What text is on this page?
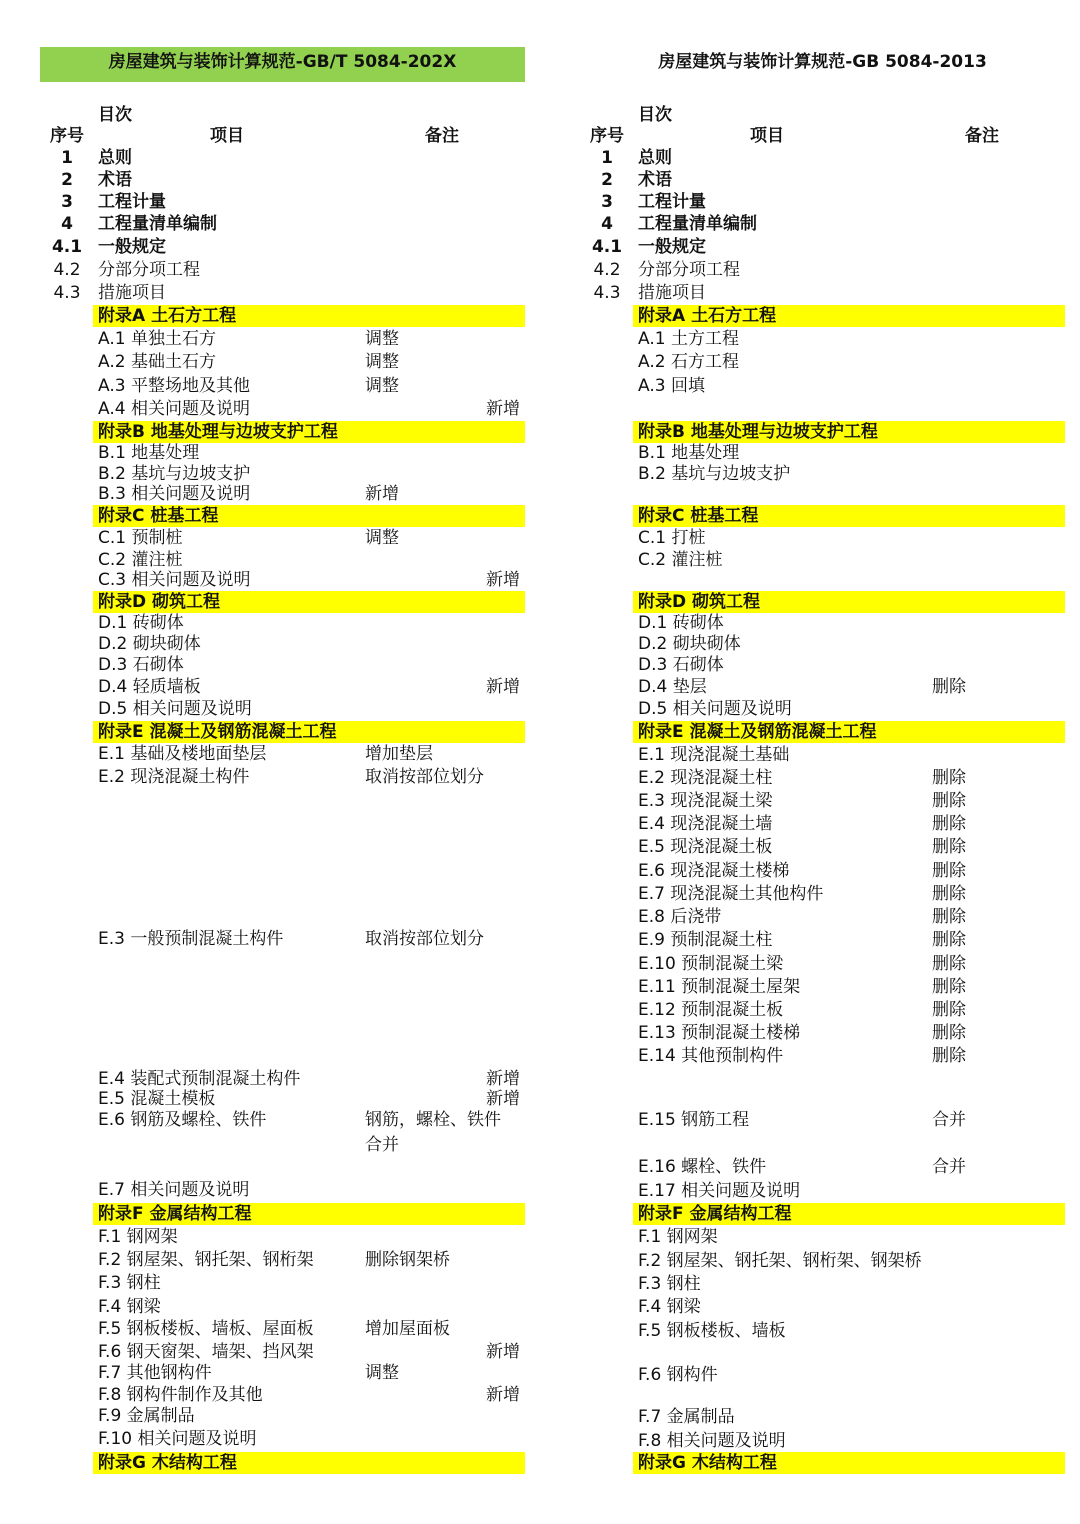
房屋建筑与装饰计算规范-GB/T 5084-202X
目次
序号	项目	备注
1	总则
2	术语
3	工程计量
4	工程量清单编制
4.1 一般规定
4.2	分部分项工程
4.3	措施项目
附录A 土石方工程
A.1 单独土石方	调整
A.2 基础土石方	调整
A.3 平整场地及其他	调整
A.4 相关问题及说明	新增
附录B 地基处理与边坡支护工程
B.1 地基处理
B.2 基坑与边坡支护
B.3 相关问题及说明	新增
附录C 桩基工程
C.1 预制桩	调整
C.2 灌注桩
C.3 相关问题及说明	新增
附录D 砌筑工程
D.1 砖砌体
D.2 砌块砌体
D.3 石砌体
D.4 轻质墙板	新增
D.5 相关问题及说明
附录E 混凝土及钢筋混凝土工程
E.1 基础及楼地面垫层	增加垫层
E.2 现浇混凝土构件	取消按部位划分
E.3 一般预制混凝土构件	取消按部位划分
E.4 装配式预制混凝土构件	新增
E.5 混凝土模板	新增
E.6 钢筋及螺栓、铁件	钢筋，螺栓、铁件
合并
E.7 相关问题及说明
附录F 金属结构工程
F.1 钢网架
F.2 钢屋架、钢托架、钢桁架	删除钢架桥
F.3 钢柱
F.4 钢梁
F.5 钢板楼板、墙板、屋面板	增加屋面板
F.6 钢天窗架、墙架、挡风架	新增
F.7 其他钢构件	调整
F.8 钢构件制作及其他	新增
F.9 金属制品
F.10 相关问题及说明
附录G 木结构工程
房屋建筑与装饰计算规范-GB 5084-2013
目次
序号	项目	备注
1	总则
2	术语
3	工程计量
4	工程量清单编制
4.1 一般规定
4.2	分部分项工程
4.3	措施项目
附录A 土石方工程
A.1 土方工程
A.2 石方工程
A.3 回填
附录B 地基处理与边坡支护工程
B.1 地基处理
B.2 基坑与边坡支护
附录C 桩基工程
C.1 打桩
C.2 灌注桩
附录D 砌筑工程
D.1 砖砌体
D.2 砌块砌体
D.3 石砌体
D.4 垫层	删除
D.5 相关问题及说明
附录E 混凝土及钢筋混凝土工程
E.1 现浇混凝土基础
E.2 现浇混凝土柱	删除
E.3 现浇混凝土梁	删除
E.4 现浇混凝土墙	删除
E.5 现浇混凝土板	删除
E.6 现浇混凝土楼梯	删除
E.7 现浇混凝土其他构件	删除
E.8 后浇带	删除
E.9 预制混凝土柱	删除
E.10 预制混凝土梁	删除
E.11 预制混凝土屋架	删除
E.12 预制混凝土板	删除
E.13 预制混凝土楼梯	删除
E.14 其他预制构件	删除
E.15 钢筋工程	合并
E.16 螺栓、铁件	合并
E.17 相关问题及说明
附录F 金属结构工程
F.1 钢网架
F.2 钢屋架、钢托架、钢桁架、钢架桥
F.3 钢柱
F.4 钢梁
F.5 钢板楼板、墙板
F.6 钢构件
F.7 金属制品
F.8 相关问题及说明
附录G 木结构工程
